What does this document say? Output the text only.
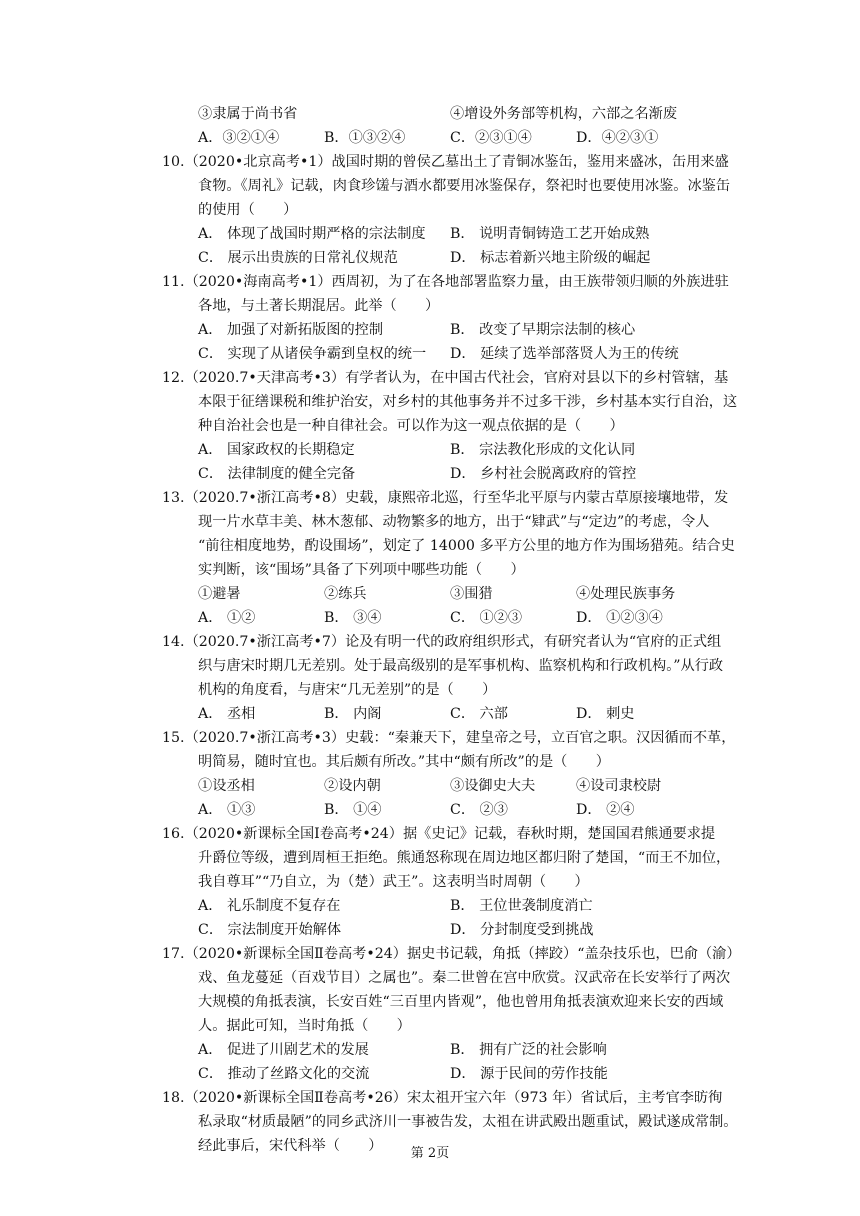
③隶属于尚书省	④增设外务部等机构，六部之名渐废
A．③②①④	B．①③②④	C．②③①④	D．④②③①
10.（2020•北京高考•1）战国时期的曾侯乙墓出土了青铜冰鉴缶，鉴用来盛冰，缶用来盛
食物。《周礼》记载，肉食珍馐与酒水都要用冰鉴保存，祭祀时也要使用冰鉴。冰鉴缶
的使用（　　）
A． 体现了战国时期严格的宗法制度	B． 说明青铜铸造工艺开始成熟
C． 展示出贵族的日常礼仪规范	D． 标志着新兴地主阶级的崛起
11.（2020•海南高考•1）西周初，为了在各地部署监察力量，由王族带领归顺的外族进驻
各地，与土著长期混居。此举（　　）
A． 加强了对新拓版图的控制	B． 改变了早期宗法制的核心
C． 实现了从诸侯争霸到皇权的统一	D． 延续了选举部落贤人为王的传统
12.（2020.7•天津高考•3）有学者认为，在中国古代社会，官府对县以下的乡村管辖，基
本限于征缮课税和维护治安，对乡村的其他事务并不过多干涉，乡村基本实行自治，这
种自治社会也是一种自律社会。可以作为这一观点依据的是（　　）
A． 国家政权的长期稳定	B． 宗法教化形成的文化认同
C． 法律制度的健全完备	D． 乡村社会脱离政府的管控
13.（2020.7•浙江高考•8）史载，康熙帝北巡，行至华北平原与内蒙古草原接壤地带，发
现一片水草丰美、林木葱郁、动物繁多的地方，出于“肄武”与“定边”的考虑，令人
“前往相度地势，酌设围场”，划定了 14000 多平方公里的地方作为围场猎苑。结合史
实判断，该“围场”具备了下列项中哪些功能（　　）
①避暑	②练兵	③围猎	④处理民族事务
A． ①②	B． ③④	C． ①②③	D． ①②③④
14.（2020.7•浙江高考•7）论及有明一代的政府组织形式，有研究者认为“官府的正式组
织与唐宋时期几无差别。处于最高级别的是军事机构、监察机构和行政机构。”从行政
机构的角度看，与唐宋“几无差别”的是（　　）
A． 丞相	B． 内阁	C． 六部	D． 刺史
15.（2020.7•浙江高考•3）史载：“秦兼天下，建皇帝之号，立百官之职。汉因循而不革，
明简易，随时宜也。其后颇有所改。”其中“颇有所改”的是（　　）
①设丞相	②设内朝	③设御史大夫	④设司隶校尉
A． ①③	B． ①④	C． ②③	D． ②④
16.（2020•新课标全国Ⅰ卷高考•24）据《史记》记载，春秋时期，楚国国君熊通要求提
升爵位等级，遭到周桓王拒绝。熊通怒称现在周边地区都归附了楚国，“而王不加位，
我自尊耳”“乃自立，为（楚）武王”。这表明当时周朝（　　）
A． 礼乐制度不复存在	B． 王位世袭制度消亡
C． 宗法制度开始解体	D． 分封制度受到挑战
17.（2020•新课标全国Ⅱ卷高考•24）据史书记载，角抵（摔跤）“盖杂技乐也，巴俞（渝）
戏、鱼龙蔓延（百戏节目）之属也”。秦二世曾在宫中欣赏。汉武帝在长安举行了两次
大规模的角抵表演，长安百姓“三百里内皆观”，他也曾用角抵表演欢迎来长安的西域
人。据此可知，当时角抵（　　）
A． 促进了川剧艺术的发展	B． 拥有广泛的社会影响
C． 推动了丝路文化的交流	D． 源于民间的劳作技能
18.（2020•新课标全国Ⅱ卷高考•26）宋太祖开宝六年（973 年）省试后，主考官李昉徇
私录取“材质最陋”的同乡武济川一事被告发，太祖在讲武殿出题重试，殿试遂成常制。
经此事后，宋代科举（　　）	第 2页
